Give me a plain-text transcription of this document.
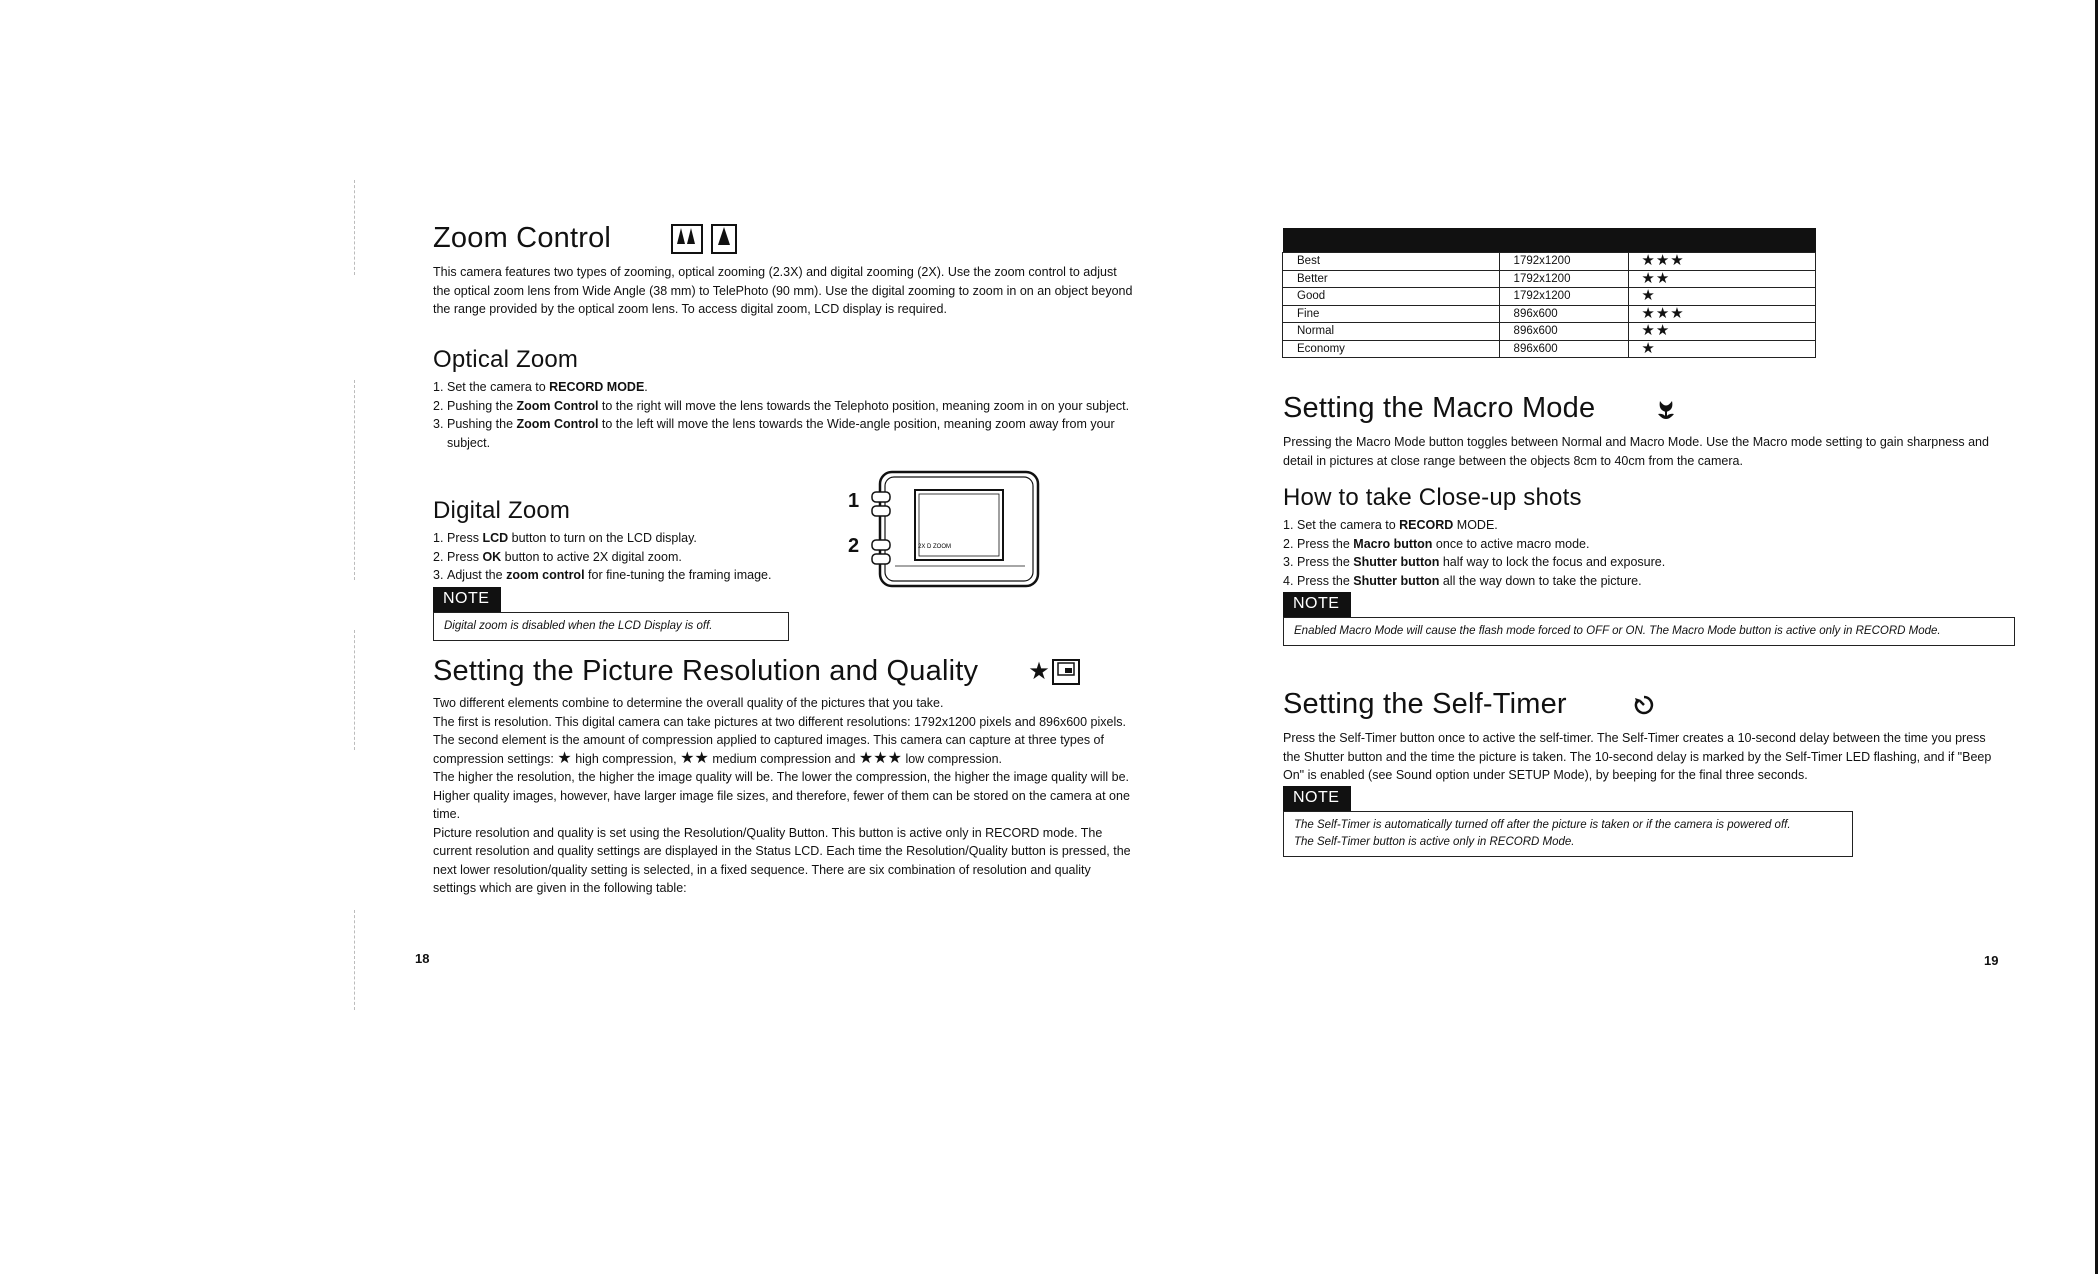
Zoom Control

This camera features two types of zooming, optical zooming (2.3X) and digital zooming (2X). Use the zoom control to adjust the optical zoom lens from Wide Angle (38 mm) to TelePhoto (90 mm). Use the digital zooming to zoom in on an object beyond the range provided by the optical zoom lens. To access digital zoom, LCD display is required.

Optical Zoom
1. Set the camera to RECORD MODE.
2. Pushing the Zoom Control to the right will move the lens towards the Telephoto position, meaning zoom in on your subject.
3. Pushing the Zoom Control to the left will move the lens towards the Wide-angle position, meaning zoom away from your subject.
Digital Zoom
1. Press LCD button to turn on the LCD display.
2. Press OK button to active 2X digital zoom.
3. Adjust the zoom control for fine-tuning the framing image.
NOTE
Digital zoom is disabled when the LCD Display is off.
1
2	2X D ZOOM
Setting the Picture Resolution and Quality ★

Two different elements combine to determine the overall quality of the pictures that you take.

The first is resolution. This digital camera can take pictures at two different resolutions: 1792x1200 pixels and 896x600 pixels.

The second element is the amount of compression applied to captured images. This camera can capture at three types of compression settings: ★ high compression, ★★ medium compression and ★★★ low compression.

The higher the resolution, the higher the image quality will be. The lower the compression, the higher the image quality will be. Higher quality images, however, have larger image file sizes, and therefore, fewer of them can be stored on the camera at one time.

Picture resolution and quality is set using the Resolution/Quality Button. This button is active only in RECORD mode. The current resolution and quality settings are displayed in the Status LCD. Each time the Resolution/Quality button is pressed, the next lower resolution/quality setting is selected, in a fixed sequence. There are six combination of resolution and quality settings which are given in the following table:

18

Best	1792x1200	★★★
Better	1792x1200	★★
Good	1792x1200	★
Fine	896x600	★★★
Normal	896x600	★★
Economy	896x600	★
Setting the Macro Mode

Pressing the Macro Mode button toggles between Normal and Macro Mode. Use the Macro mode setting to gain sharpness and detail in pictures at close range between the objects 8cm to 40cm from the camera.

How to take Close-up shots
1. Set the camera to RECORD MODE.
2. Press the Macro button once to active macro mode.
3. Press the Shutter button half way to lock the focus and exposure.
4. Press the Shutter button all the way down to take the picture.
NOTE
Enabled Macro Mode will cause the flash mode forced to OFF or ON. The Macro Mode button is active only in RECORD Mode.
Setting the Self-Timer

Press the Self-Timer button once to active the self-timer. The Self-Timer creates a 10-second delay between the time you press the Shutter button and the time the picture is taken. The 10-second delay is marked by the Self-Timer LED flashing, and if "Beep On" is enabled (see Sound option under SETUP Mode), by beeping for the final three seconds.

NOTE
The Self-Timer is automatically turned off after the picture is taken or if the camera is powered off.
The Self-Timer button is active only in RECORD Mode.
19
